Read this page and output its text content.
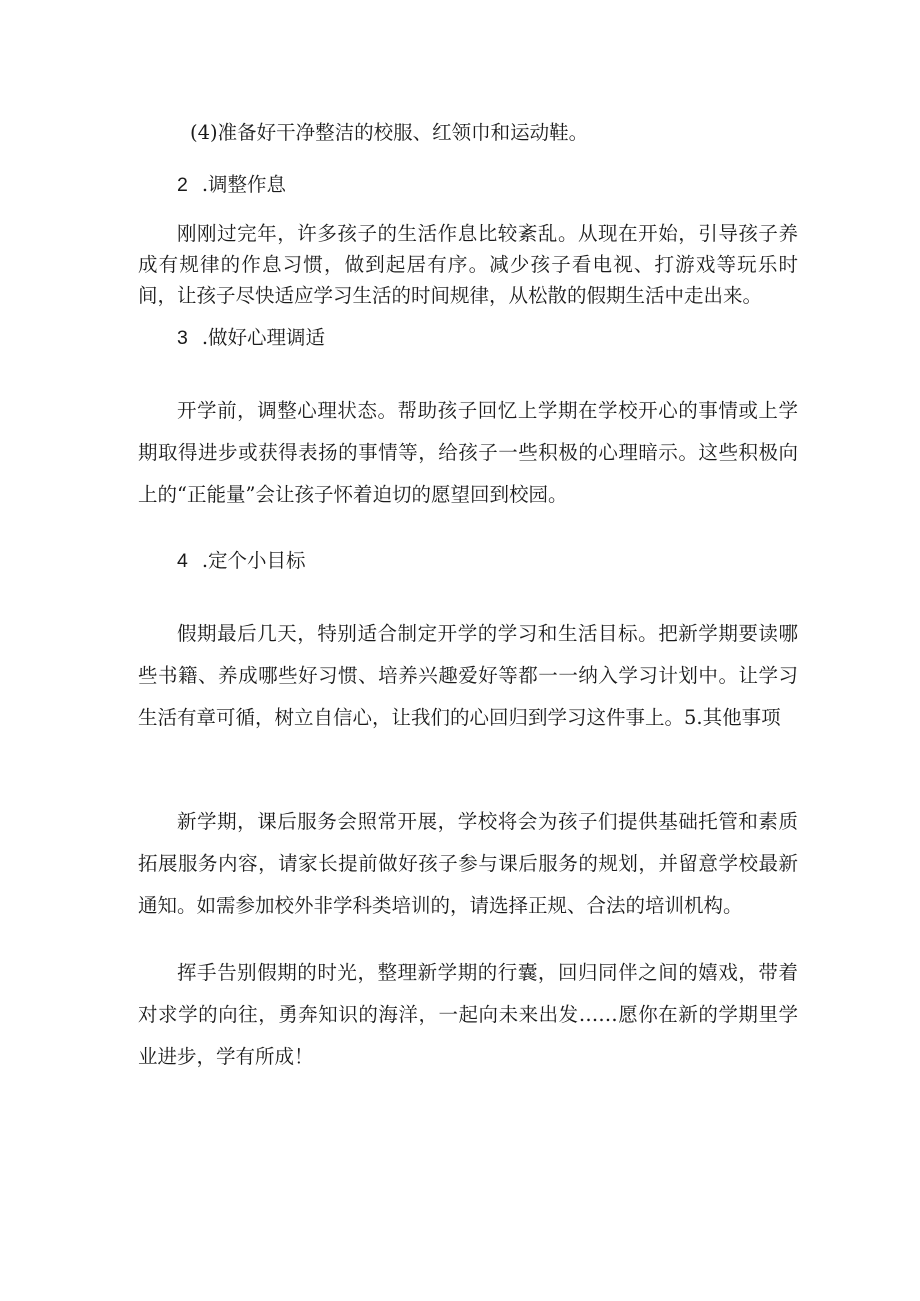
(4)准备好干净整洁的校服、红领巾和运动鞋。

2 .调整作息

刚刚过完年，许多孩子的生活作息比较紊乱。从现在开始，引导孩子养成有规律的作息习惯，做到起居有序。减少孩子看电视、打游戏等玩乐时间，让孩子尽快适应学习生活的时间规律，从松散的假期生活中走出来。

3 .做好心理调适

开学前，调整心理状态。帮助孩子回忆上学期在学校开心的事情或上学期取得进步或获得表扬的事情等，给孩子一些积极的心理暗示。这些积极向上的“正能量”会让孩子怀着迫切的愿望回到校园。

4 .定个小目标

假期最后几天，特别适合制定开学的学习和生活目标。把新学期要读哪些书籍、养成哪些好习惯、培养兴趣爱好等都一一纳入学习计划中。让学习生活有章可循，树立自信心，让我们的心回归到学习这件事上。5.其他事项

新学期，课后服务会照常开展，学校将会为孩子们提供基础托管和素质拓展服务内容，请家长提前做好孩子参与课后服务的规划，并留意学校最新通知。如需参加校外非学科类培训的，请选择正规、合法的培训机构。

挥手告别假期的时光，整理新学期的行囊，回归同伴之间的嬉戏，带着对求学的向往，勇奔知识的海洋，一起向未来出发……愿你在新的学期里学业进步，学有所成！
